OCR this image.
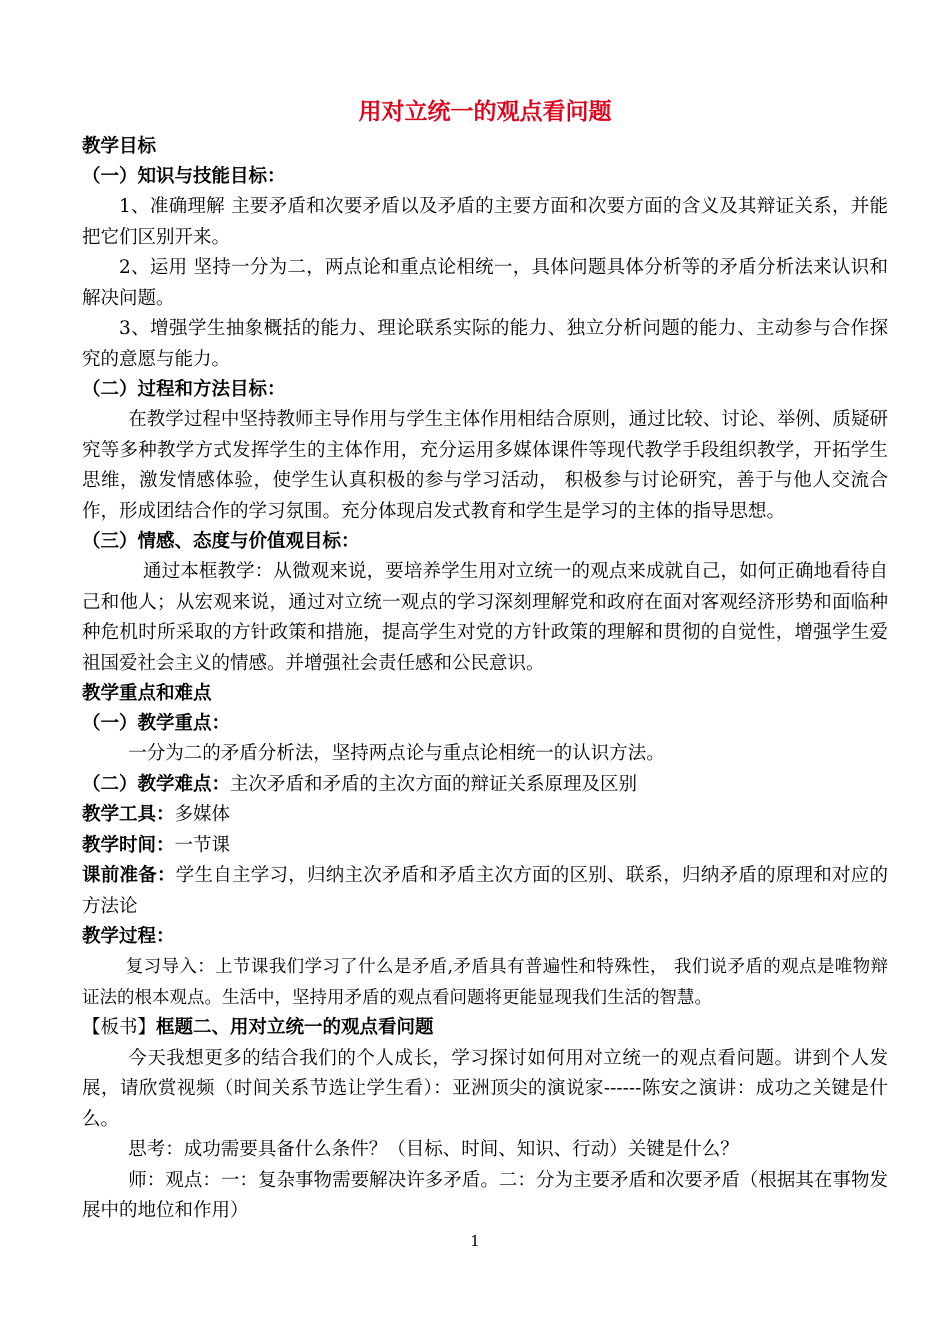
用对立统一的观点看问题

教学目标

（一）知识与技能目标：

1、准确理解 主要矛盾和次要矛盾以及矛盾的主要方面和次要方面的含义及其辩证关系，并能把它们区别开来。

2、运用 坚持一分为二，两点论和重点论相统一，具体问题具体分析等的矛盾分析法来认识和解决问题。

3、增强学生抽象概括的能力、理论联系实际的能力、独立分析问题的能力、主动参与合作探究的意愿与能力。

（二）过程和方法目标：

在教学过程中坚持教师主导作用与学生主体作用相结合原则，通过比较、讨论、举例、质疑研究等多种教学方式发挥学生的主体作用，充分运用多媒体课件等现代教学手段组织教学，开拓学生思维，激发情感体验，使学生认真积极的参与学习活动， 积极参与讨论研究，善于与他人交流合作，形成团结合作的学习氛围。充分体现启发式教育和学生是学习的主体的指导思想。

（三）情感、态度与价值观目标：

通过本框教学：从微观来说，要培养学生用对立统一的观点来成就自己，如何正确地看待自己和他人；从宏观来说，通过对立统一观点的学习深刻理解党和政府在面对客观经济形势和面临种种危机时所采取的方针政策和措施，提高学生对党的方针政策的理解和贯彻的自觉性，增强学生爱祖国爱社会主义的情感。并增强社会责任感和公民意识。

教学重点和难点

（一）教学重点：

一分为二的矛盾分析法，坚持两点论与重点论相统一的认识方法。

（二）教学难点：主次矛盾和矛盾的主次方面的辩证关系原理及区别

教学工具：多媒体

教学时间：一节课

课前准备：学生自主学习，归纳主次矛盾和矛盾主次方面的区别、联系，归纳矛盾的原理和对应的方法论

教学过程：

复习导入：上节课我们学习了什么是矛盾,矛盾具有普遍性和特殊性， 我们说矛盾的观点是唯物辩证法的根本观点。生活中，坚持用矛盾的观点看问题将更能显现我们生活的智慧。

【板书】框题二、用对立统一的观点看问题

今天我想更多的结合我们的个人成长，学习探讨如何用对立统一的观点看问题。讲到个人发展，请欣赏视频（时间关系节选让学生看）：亚洲顶尖的演说家------陈安之演讲：成功之关键是什么。

思考：成功需要具备什么条件？（目标、时间、知识、行动）关键是什么？

师：观点：一：复杂事物需要解决许多矛盾。二：分为主要矛盾和次要矛盾（根据其在事物发展中的地位和作用）

1
